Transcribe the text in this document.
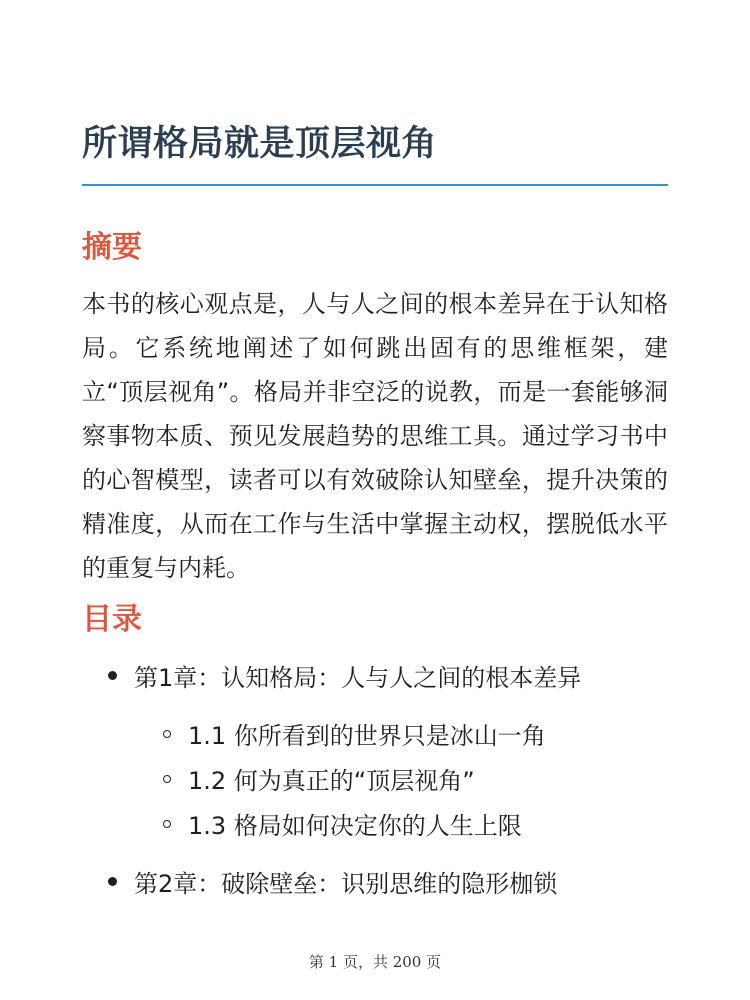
所谓格局就是顶层视角
摘要

本书的核心观点是，人与人之间的根本差异在于认知格局。它系统地阐述了如何跳出固有的思维框架，建立“顶层视角”。格局并非空泛的说教，而是一套能够洞察事物本质、预见发展趋势的思维工具。通过学习书中的心智模型，读者可以有效破除认知壁垒，提升决策的精准度，从而在工作与生活中掌握主动权，摆脱低水平的重复与内耗。

目录
第1章：认知格局：人与人之间的根本差异
1.1 你所看到的世界只是冰山一角
1.2 何为真正的“顶层视角”
1.3 格局如何决定你的人生上限
第2章：破除壁垒：识别思维的隐形枷锁
第 1 页，共 200 页
